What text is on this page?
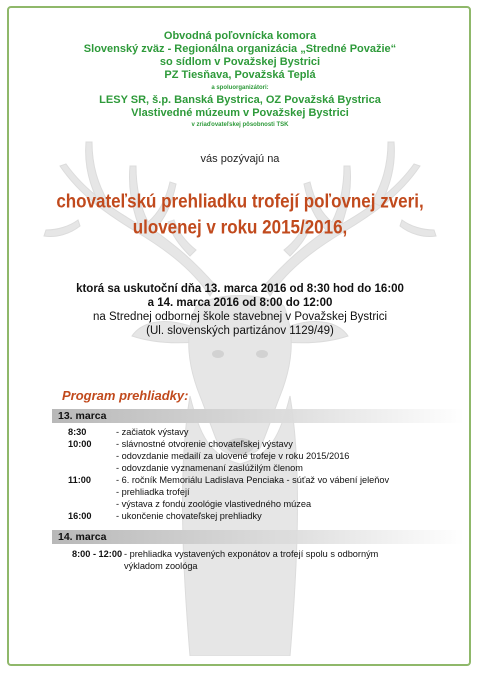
Obvodná poľovnícka komora
Slovenský zväz - Regionálna organizácia „Stredné Považie“
so sídlom v Považskej Bystrici
PZ Tiesňava, Považská Teplá
a spoluorganizátori:
LESY SR, š.p. Banská Bystrica, OZ Považská Bystrica
Vlastivedné múzeum v Považskej Bystrici
v zriaďovateľskej pôsobnosti TSK
vás pozývajú na
chovateľskú prehliadku trofejí poľovnej zveri,
ulovenej v roku 2015/2016,
ktorá sa uskutoční dňa 13. marca 2016 od 8:30 hod do 16:00
a 14. marca 2016 od 8:00 do 12:00
na Strednej odbornej škole stavebnej v Považskej Bystrici
(Ul. slovenských partizánov 1129/49)
Program prehliadky:
13. marca
8:30	- začiatok výstavy
10:00	- slávnostné otvorenie chovateľskej výstavy
- odovzdanie medailí za ulovené trofeje v roku 2015/2016
- odovzdanie vyznamenaní zaslúžilým členom
11:00	- 6. ročník Memoriálu Ladislava Penciaka - súťaž vo vábení jeleňov
- prehliadka trofejí
- výstava z fondu zoológie vlastivedného múzea
16:00	- ukončenie chovateľskej prehliadky
14. marca
8:00 - 12:00 - prehliadka vystavených exponátov a trofejí spolu s odborným
výkladom zoológa
